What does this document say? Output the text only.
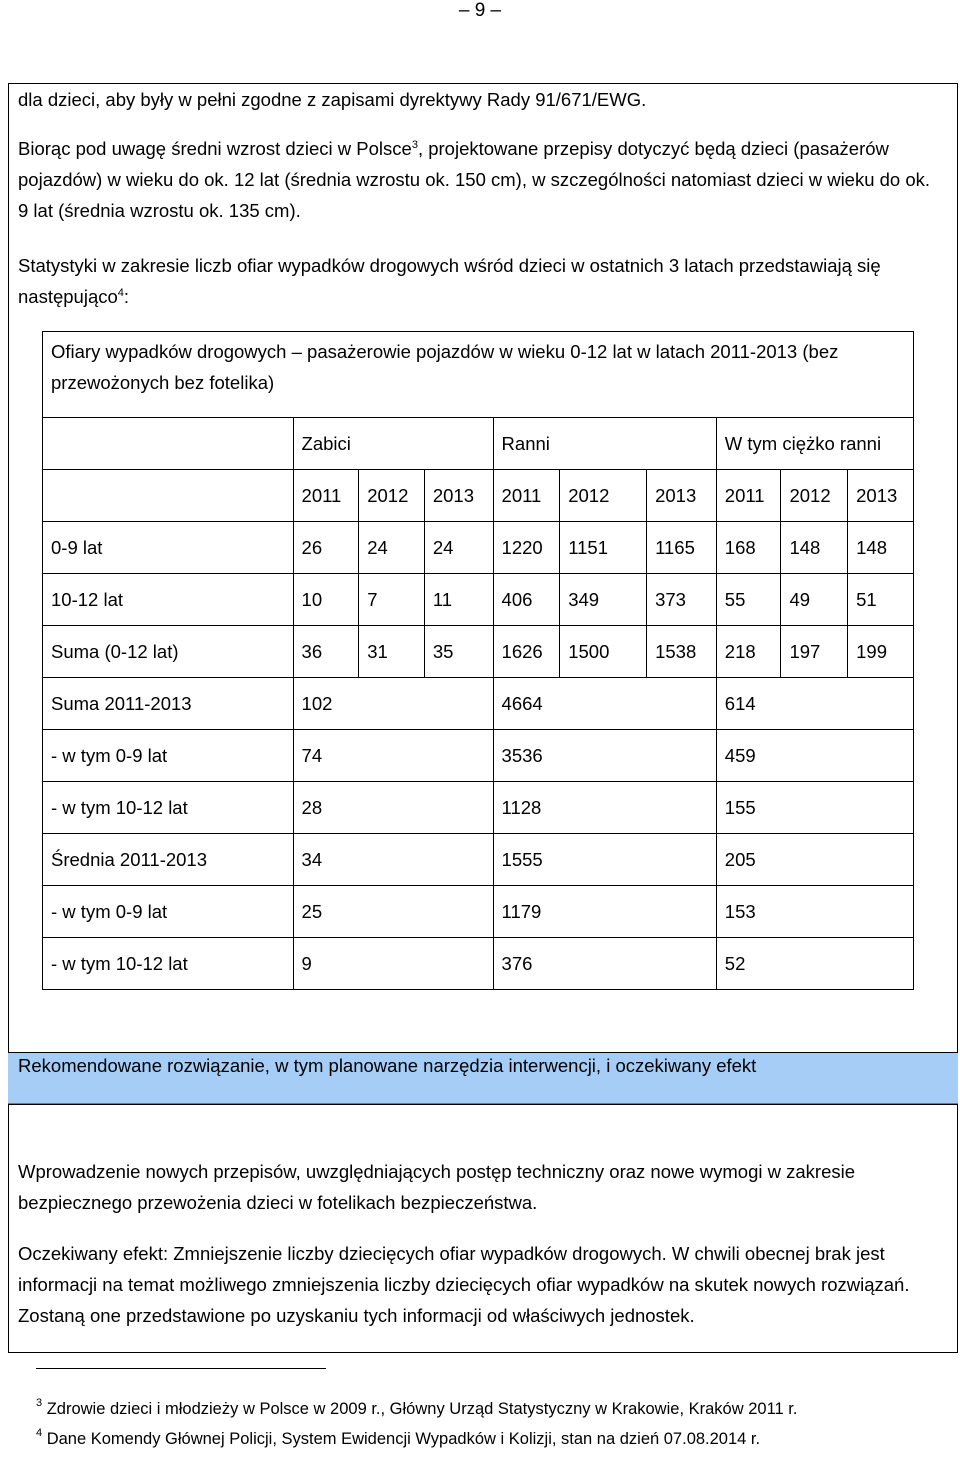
– 9 –
dla dzieci, aby były w pełni zgodne z zapisami dyrektywy Rady 91/671/EWG.
Biorąc pod uwagę średni wzrost dzieci w Polsce$^3$, projektowane przepisy dotyczyć będą dzieci (pasażerów pojazdów) w wieku do ok. 12 lat (średnia wzrostu ok. 150 cm), w szczególności natomiast dzieci w wieku do ok. 9 lat (średnia wzrostu ok. 135 cm).
Statystyki w zakresie liczb ofiar wypadków drogowych wśród dzieci w ostatnich 3 latach przedstawiają się następująco$^4$:
Ofiary wypadków drogowych – pasażerowie pojazdów w wieku 0-12 lat w latach 2011-2013 (bez przewożonych bez fotelika)									
	Zabici			Ranni			W tym ciężko ranni	
	2011	2012	2013	2011	2012	2013	2011	2012	2013
0-9 lat	26	24	24	1220	1151	1165	168	148	148
10-12 lat	10	7	11	406	349	373	55	49	51
Suma (0-12 lat)	36	31	35	1626	1500	1538	218	197	199
Suma 2011-2013	102			4664			614		
- w tym 0-9 lat	74			3536			459		
- w tym 10-12 lat	28			1128			155		
Średnia 2011-2013	34			1555			205		
- w tym 0-9 lat	25			1179			153		
- w tym 10-12 lat	9			376			52		
Rekomendowane rozwiązanie, w tym planowane narzędzia interwencji, i oczekiwany efekt
Wprowadzenie nowych przepisów, uwzględniających postęp techniczny oraz nowe wymogi w zakresie bezpiecznego przewożenia dzieci w fotelikach bezpieczeństwa.
Oczekiwany efekt: Zmniejszenie liczby dziecięcych ofiar wypadków drogowych. W chwili obecnej brak jest informacji na temat możliwego zmniejszenia liczby dziecięcych ofiar wypadków na skutek nowych rozwiązań. Zostaną one przedstawione po uzyskaniu tych informacji od właściwych jednostek.
$^3$ Zdrowie dzieci i młodzieży w Polsce w 2009 r., Główny Urząd Statystyczny w Krakowie, Kraków 2011 r.
$^4$ Dane Komendy Głównej Policji, System Ewidencji Wypadków i Kolizji, stan na dzień 07.08.2014 r.
